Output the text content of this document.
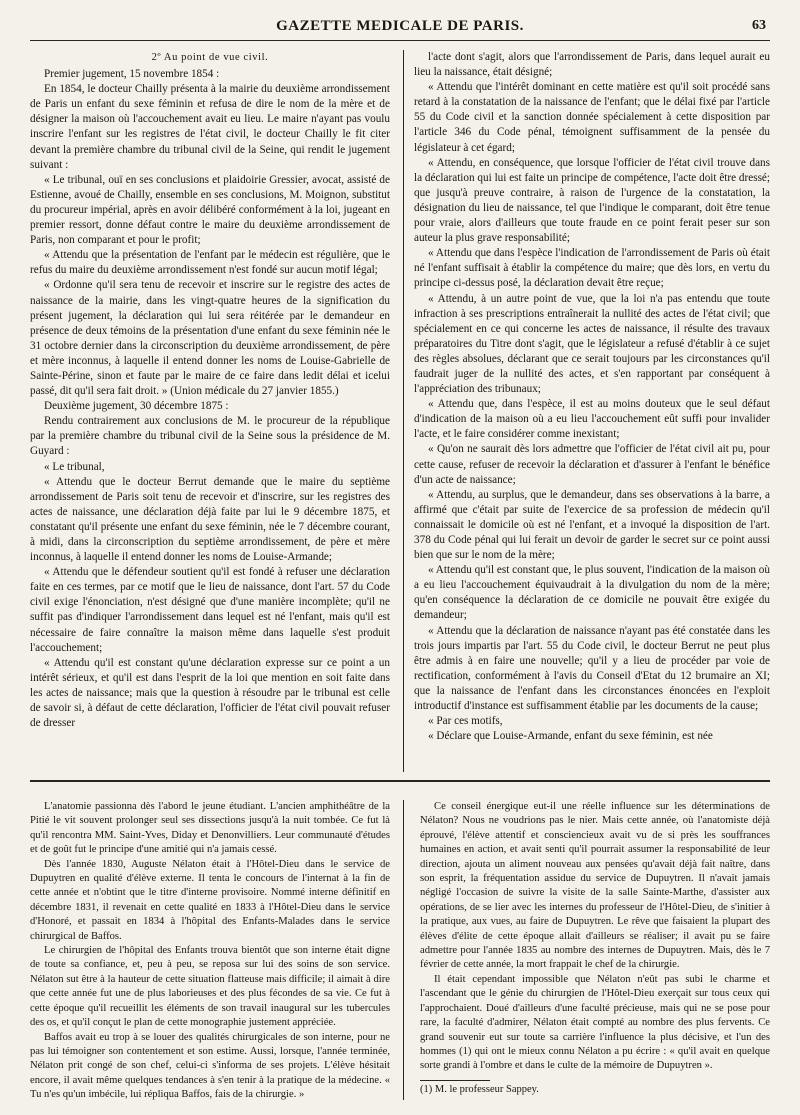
GAZETTE MEDICALE DE PARIS.	63

2º Au point de vue civil.

Premier jugement, 15 novembre 1854 :

En 1854, le docteur Chailly présenta à la mairie du deuxième arrondissement de Paris un enfant du sexe féminin et refusa de dire le nom de la mère et de désigner la maison où l'accouchement avait eu lieu. Le maire n'ayant pas voulu inscrire l'enfant sur les registres de l'état civil, le docteur Chailly le fit citer devant la première chambre du tribunal civil de la Seine, qui rendit le jugement suivant :

« Le tribunal, ouï en ses conclusions et plaidoirie Gressier, avocat, assisté de Estienne, avoué de Chailly, ensemble en ses conclusions, M. Moignon, substitut du procureur impérial, après en avoir délibéré conformément à la loi, jugeant en premier ressort, donne défaut contre le maire du deuxième arrondissement de Paris, non comparant et pour le profit;

« Attendu que la présentation de l'enfant par le médecin est régulière, que le refus du maire du deuxième arrondissement n'est fondé sur aucun motif légal;

« Ordonne qu'il sera tenu de recevoir et inscrire sur le registre des actes de naissance de la mairie, dans les vingt-quatre heures de la signification du présent jugement, la déclaration qui lui sera réitérée par le demandeur en présence de deux témoins de la présentation d'une enfant du sexe féminin née le 31 octobre dernier dans la circonscription du deuxième arrondissement, de père et mère inconnus, à laquelle il entend donner les noms de Louise-Gabrielle de Sainte-Périne, sinon et faute par le maire de ce faire dans ledit délai et icelui passé, dit qu'il sera fait droit. » (Union médicale du 27 janvier 1855.)

Deuxième jugement, 30 décembre 1875 :

Rendu contrairement aux conclusions de M. le procureur de la république par la première chambre du tribunal civil de la Seine sous la présidence de M. Guyard :

« Le tribunal,

« Attendu que le docteur Berrut demande que le maire du septième arrondissement de Paris soit tenu de recevoir et d'inscrire, sur les registres des actes de naissance, une déclaration déjà faite par lui le 9 décembre 1875, et constatant qu'il présente une enfant du sexe féminin, née le 7 décembre courant, à midi, dans la circonscription du septième arrondissement, de père et mère inconnus, à laquelle il entend donner les noms de Louise-Armande;

« Attendu que le défendeur soutient qu'il est fondé à refuser une déclaration faite en ces termes, par ce motif que le lieu de naissance, dont l'art. 57 du Code civil exige l'énonciation, n'est désigné que d'une manière incomplète; qu'il ne suffit pas d'indiquer l'arrondissement dans lequel est né l'enfant, mais qu'il est nécessaire de faire connaître la maison même dans laquelle s'est produit l'accouchement;

« Attendu qu'il est constant qu'une déclaration expresse sur ce point a un intérêt sérieux, et qu'il est dans l'esprit de la loi que mention en soit faite dans les actes de naissance; mais que la question à résoudre par le tribunal est celle de savoir si, à défaut de cette déclaration, l'officier de l'état civil pouvait refuser de dresser

l'acte dont s'agit, alors que l'arrondissement de Paris, dans lequel aurait eu lieu la naissance, était désigné;

« Attendu que l'intérêt dominant en cette matière est qu'il soit procédé sans retard à la constatation de la naissance de l'enfant; que le délai fixé par l'article 55 du Code civil et la sanction donnée spécialement à cette disposition par l'article 346 du Code pénal, témoignent suffisamment de la pensée du législateur à cet égard;

« Attendu, en conséquence, que lorsque l'officier de l'état civil trouve dans la déclaration qui lui est faite un principe de compétence, l'acte doit être dressé; que jusqu'à preuve contraire, à raison de l'urgence de la constatation, la désignation du lieu de naissance, tel que l'indique le comparant, doit être tenue pour vraie, alors d'ailleurs que toute fraude en ce point ferait peser sur son auteur la plus grave responsabilité;

« Attendu que dans l'espèce l'indication de l'arrondissement de Paris où était né l'enfant suffisait à établir la compétence du maire; que dès lors, en vertu du principe ci-dessus posé, la déclaration devait être reçue;

« Attendu, à un autre point de vue, que la loi n'a pas entendu que toute infraction à ses prescriptions entraînerait la nullité des actes de l'état civil; que spécialement en ce qui concerne les actes de naissance, il résulte des travaux préparatoires du Titre dont s'agit, que le législateur a refusé d'établir à ce sujet des règles absolues, déclarant que ce serait toujours par les circonstances qu'il faudrait juger de la nullité des actes, et s'en rapportant par conséquent à l'appréciation des tribunaux;

« Attendu que, dans l'espèce, il est au moins douteux que le seul défaut d'indication de la maison où a eu lieu l'accouchement eût suffi pour invalider l'acte, et le faire considérer comme inexistant;

« Qu'on ne saurait dès lors admettre que l'officier de l'état civil ait pu, pour cette cause, refuser de recevoir la déclaration et d'assurer à l'enfant le bénéfice d'un acte de naissance;

« Attendu, au surplus, que le demandeur, dans ses observations à la barre, a affirmé que c'était par suite de l'exercice de sa profession de médecin qu'il connaissait le domicile où est né l'enfant, et a invoqué la disposition de l'art. 378 du Code pénal qui lui ferait un devoir de garder le secret sur ce point aussi bien que sur le nom de la mère;

« Attendu qu'il est constant que, le plus souvent, l'indication de la maison où a eu lieu l'accouchement équivaudrait à la divulgation du nom de la mère; qu'en conséquence la déclaration de ce domicile ne pouvait être exigée du demandeur;

« Attendu que la déclaration de naissance n'ayant pas été constatée dans les trois jours impartis par l'art. 55 du Code civil, le docteur Berrut ne peut plus être admis à en faire une nouvelle; qu'il y a lieu de procéder par voie de rectification, conformément à l'avis du Conseil d'Etat du 12 brumaire an XI; que la naissance de l'enfant dans les circonstances énoncées en l'exploit introductif d'instance est suffisamment établie par les documents de la cause;

« Par ces motifs,

« Déclare que Louise-Armande, enfant du sexe féminin, est née

L'anatomie passionna dès l'abord le jeune étudiant. L'ancien amphithéâtre de la Pitié le vit souvent prolonger seul ses dissections jusqu'à la nuit tombée. Ce fut là qu'il rencontra MM. Saint-Yves, Diday et Denonvilliers. Leur communauté d'études et de goût fut le principe d'une amitié qui n'a jamais cessé.

Dès l'année 1830, Auguste Nélaton était à l'Hôtel-Dieu dans le service de Dupuytren en qualité d'élève externe. Il tenta le concours de l'internat à la fin de cette année et n'obtint que le titre d'interne provisoire. Nommé interne définitif en décembre 1831, il revenait en cette qualité en 1833 à l'Hôtel-Dieu dans le service d'Honoré, et passait en 1834 à l'hôpital des Enfants-Malades dans le service chirurgical de Baffos.

Le chirurgien de l'hôpital des Enfants trouva bientôt que son interne était digne de toute sa confiance, et, peu à peu, se reposa sur lui des soins de son service. Nélaton sut être à la hauteur de cette situation flatteuse mais difficile; il aimait à dire que cette année fut une de plus laborieuses et des plus fécondes de sa vie. Ce fut à cette époque qu'il recueillit les éléments de son travail inaugural sur les tubercules des os, et qu'il conçut le plan de cette monographie justement appréciée.

Baffos avait eu trop à se louer des qualités chirurgicales de son interne, pour ne pas lui témoigner son contentement et son estime. Aussi, lorsque, l'année terminée, Nélaton prit congé de son chef, celui-ci s'informa de ses projets. L'élève hésitait encore, il avait même quelques tendances à s'en tenir à la pratique de la médecine. « Tu n'es qu'un imbécile, lui répliqua Baffos, fais de la chirurgie. »

Ce conseil énergique eut-il une réelle influence sur les déterminations de Nélaton? Nous ne voudrions pas le nier. Mais cette année, où l'anatomiste déjà éprouvé, l'élève attentif et consciencieux avait vu de si près les souffrances humaines en action, et avait senti qu'il pourrait assumer la responsabilité de leur direction, ajouta un aliment nouveau aux pensées qu'avait déjà fait naître, dans son esprit, la fréquentation assidue du service de Dupuytren. Il n'avait jamais négligé l'occasion de suivre la visite de la salle Sainte-Marthe, d'assister aux opérations, de se lier avec les internes du professeur de l'Hôtel-Dieu, de s'initier à la pratique, aux vues, au faire de Dupuytren. Le rêve que faisaient la plupart des élèves d'élite de cette époque allait d'ailleurs se réaliser; il avait pu se faire admettre pour l'année 1835 au nombre des internes de Dupuytren. Mais, dès le 7 février de cette année, la mort frappait le chef de la chirurgie.

Il était cependant impossible que Nélaton n'eût pas subi le charme et l'ascendant que le génie du chirurgien de l'Hôtel-Dieu exerçait sur tous ceux qui l'approchaient. Doué d'ailleurs d'une faculté précieuse, mais qui ne se pose pour rare, la faculté d'admirer, Nélaton était compté au nombre des plus fervents. Ce grand souvenir eut sur toute sa carrière l'influence la plus décisive, et l'un des hommes (1) qui ont le mieux connu Nélaton a pu écrire : « qu'il avait en quelque sorte grandi à l'ombre et dans le culte de la mémoire de Dupuytren ».

(1) M. le professeur Sappey.
